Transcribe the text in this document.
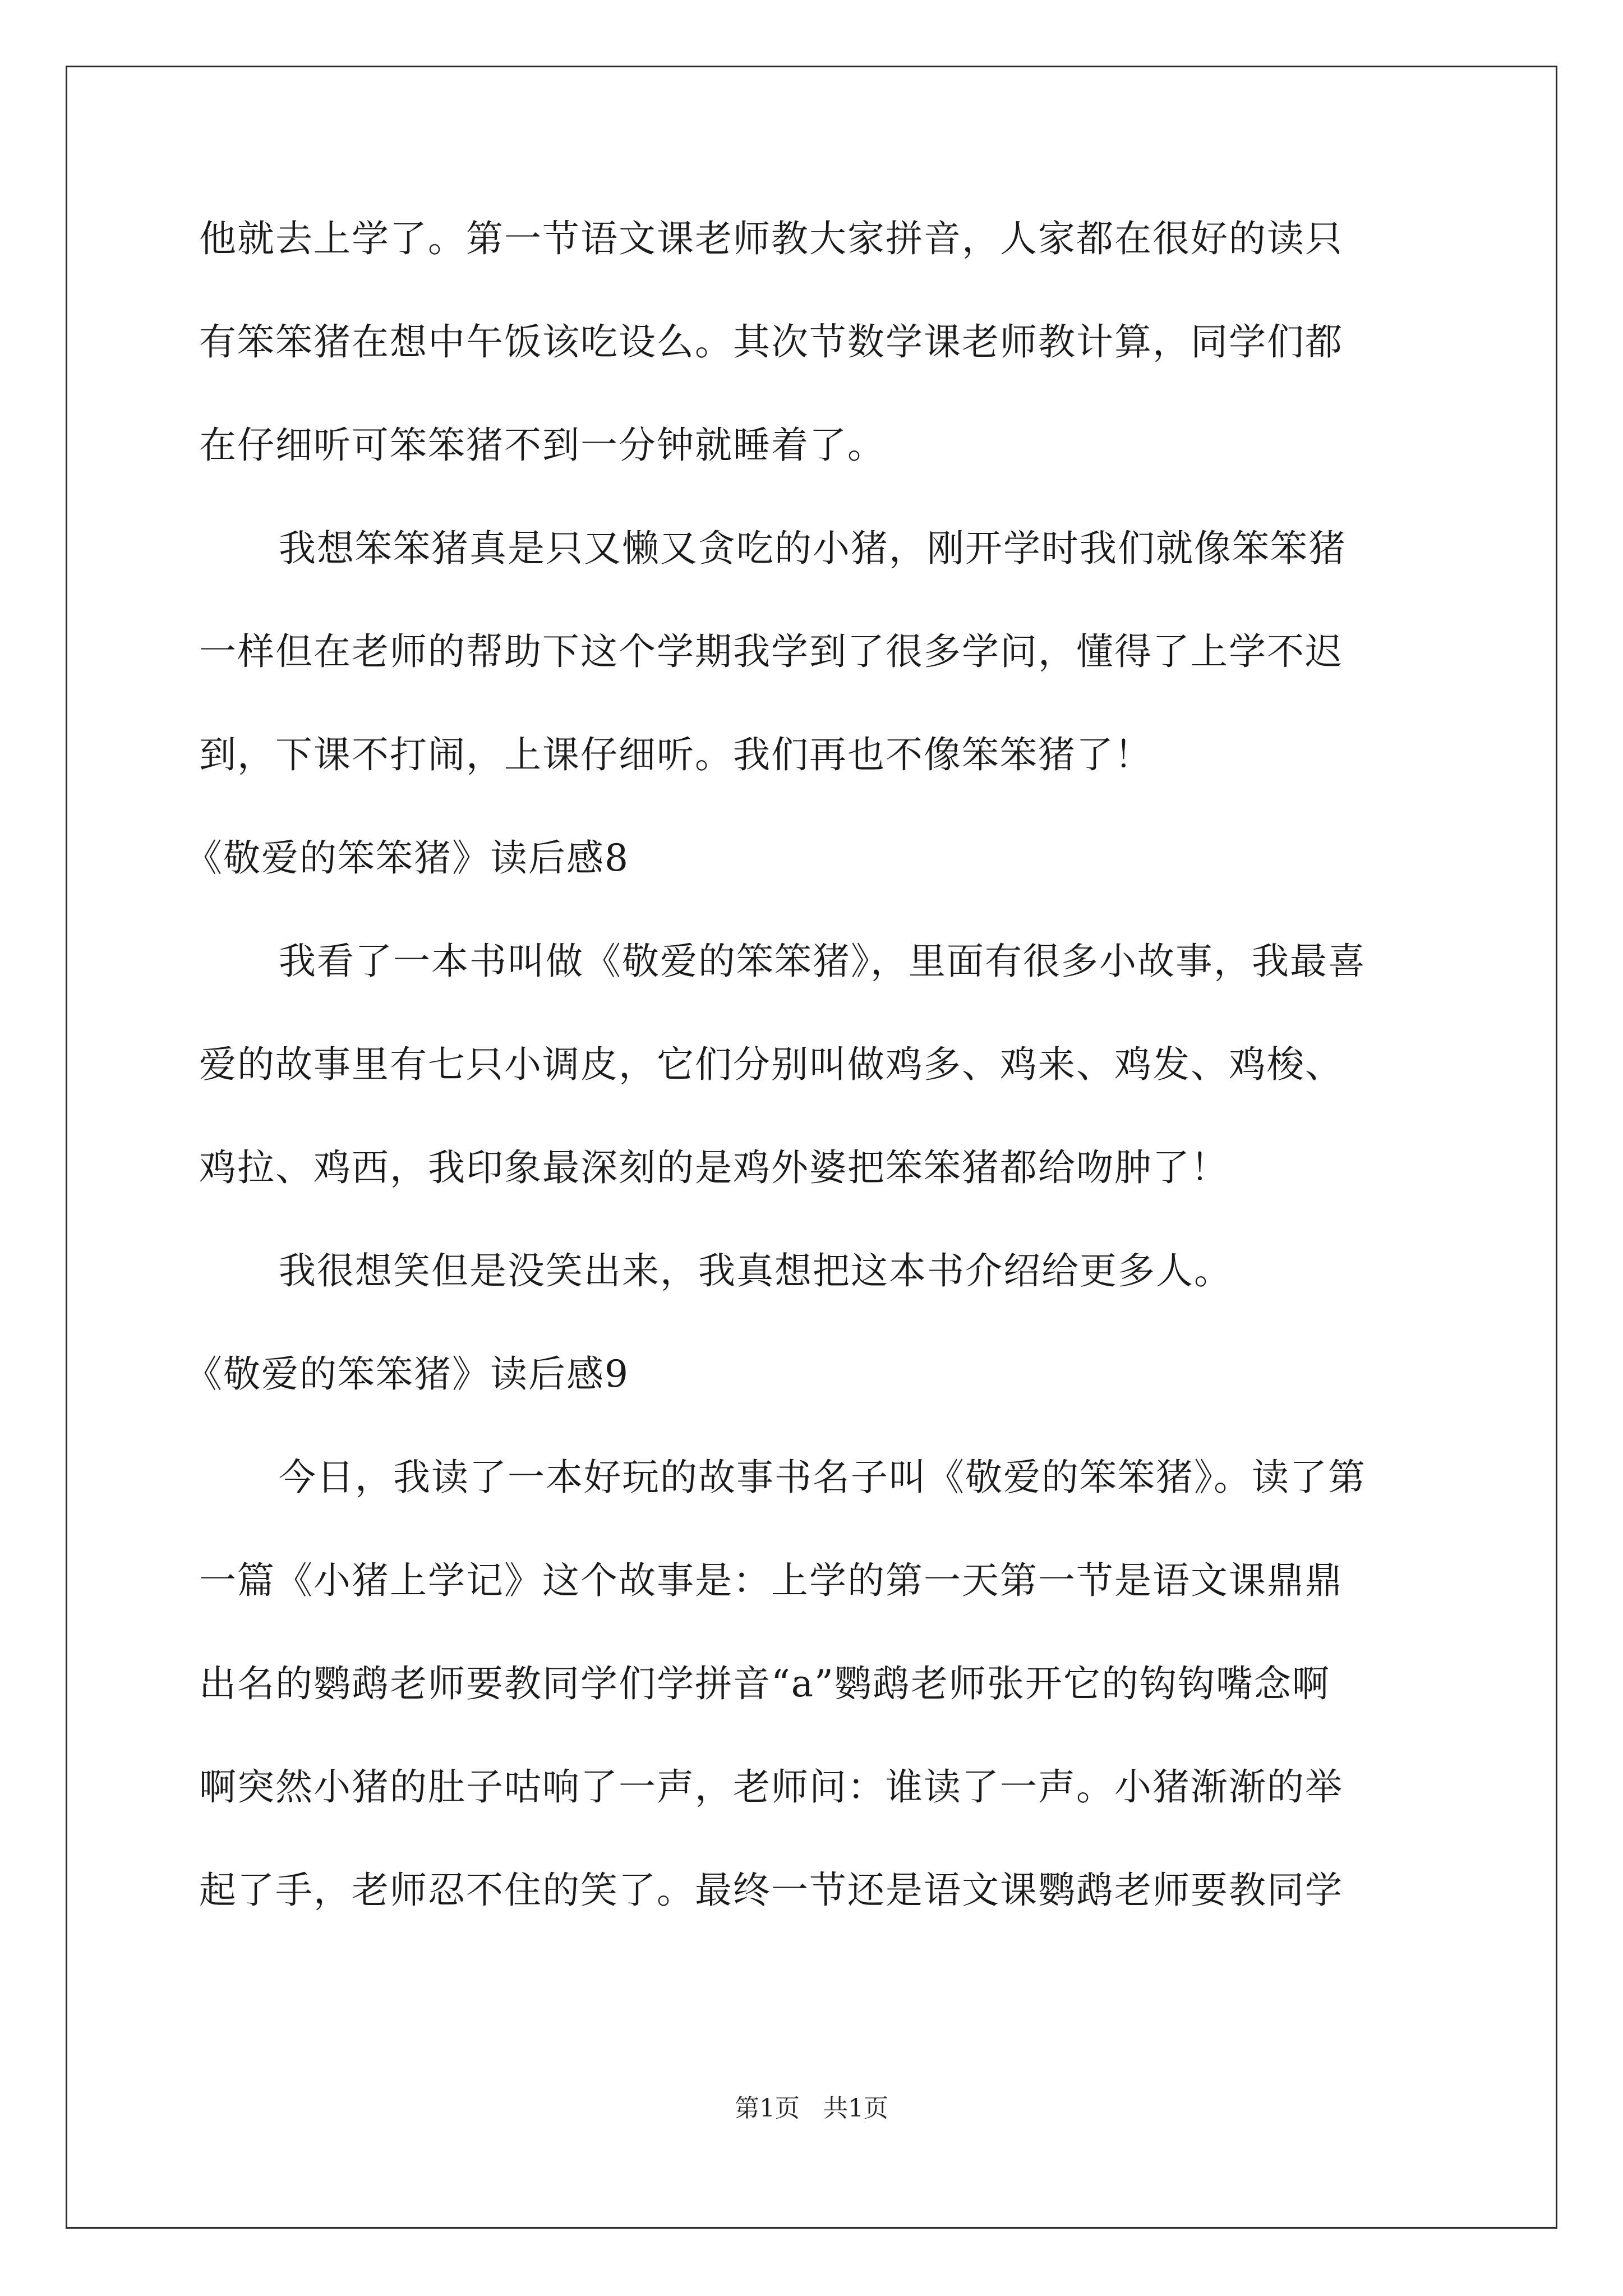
他就去上学了。第一节语文课老师教大家拼音，人家都在很好的读只
有笨笨猪在想中午饭该吃设么。其次节数学课老师教计算，同学们都
在仔细听可笨笨猪不到一分钟就睡着了。
我想笨笨猪真是只又懒又贪吃的小猪，刚开学时我们就像笨笨猪
一样但在老师的帮助下这个学期我学到了很多学问，懂得了上学不迟
到，下课不打闹，上课仔细听。我们再也不像笨笨猪了！
《敬爱的笨笨猪》读后感8
我看了一本书叫做《敬爱的笨笨猪》，里面有很多小故事，我最喜
爱的故事里有七只小调皮，它们分别叫做鸡多、鸡来、鸡发、鸡梭、
鸡拉、鸡西，我印象最深刻的是鸡外婆把笨笨猪都给吻肿了！
我很想笑但是没笑出来，我真想把这本书介绍给更多人。
《敬爱的笨笨猪》读后感9
今日，我读了一本好玩的故事书名子叫《敬爱的笨笨猪》。读了第
一篇《小猪上学记》这个故事是：上学的第一天第一节是语文课鼎鼎
出名的鹦鹉老师要教同学们学拼音“a”鹦鹉老师张开它的钩钩嘴念啊
啊突然小猪的肚子咕响了一声，老师问：谁读了一声。小猪渐渐的举
起了手，老师忍不住的笑了。最终一节还是语文课鹦鹉老师要教同学
第1页   共1页
